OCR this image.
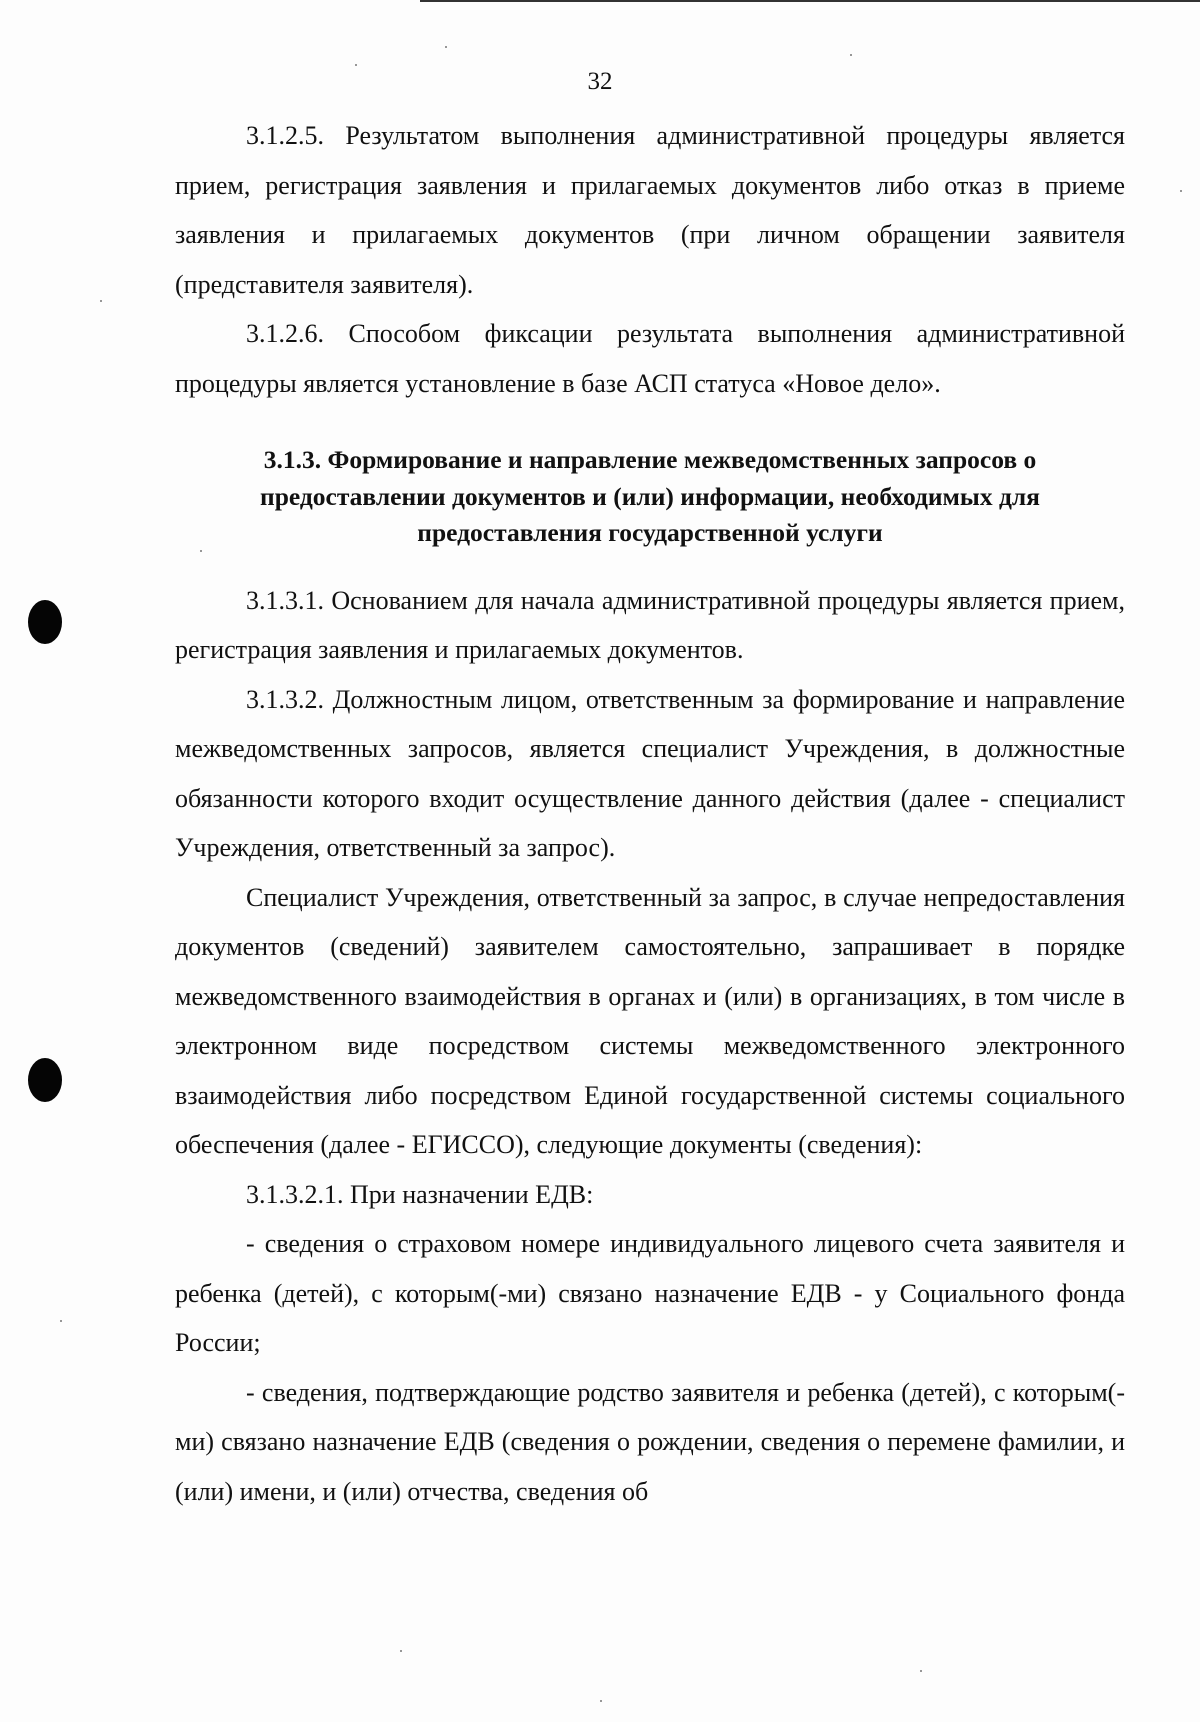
32

3.1.2.5. Результатом выполнения административной процедуры является прием, регистрация заявления и прилагаемых документов либо отказ в приеме заявления и прилагаемых документов (при личном обращении заявителя (представителя заявителя).

3.1.2.6. Способом фиксации результата выполнения административной процедуры является установление в базе АСП статуса «Новое дело».

3.1.3. Формирование и направление межведомственных запросов о
предоставлении документов и (или) информации, необходимых для
предоставления государственной услуги

3.1.3.1. Основанием для начала административной процедуры является прием, регистрация заявления и прилагаемых документов.

3.1.3.2. Должностным лицом, ответственным за формирование и направление межведомственных запросов, является специалист Учреждения, в должностные обязанности которого входит осуществление данного действия (далее - специалист Учреждения, ответственный за запрос).

Специалист Учреждения, ответственный за запрос, в случае непредоставления документов (сведений) заявителем самостоятельно, запрашивает в порядке межведомственного взаимодействия в органах и (или) в организациях, в том числе в электронном виде посредством системы межведомственного электронного взаимодействия либо посредством Единой государственной системы социального обеспечения (далее - ЕГИССО), следующие документы (сведения):

3.1.3.2.1. При назначении ЕДВ:

- сведения о страховом номере индивидуального лицевого счета заявителя и ребенка (детей), с которым(-ми) связано назначение ЕДВ - у Социального фонда России;

- сведения, подтверждающие родство заявителя и ребенка (детей), с которым(-ми) связано назначение ЕДВ (сведения о рождении, сведения о перемене фамилии, и (или) имени, и (или) отчества, сведения об
